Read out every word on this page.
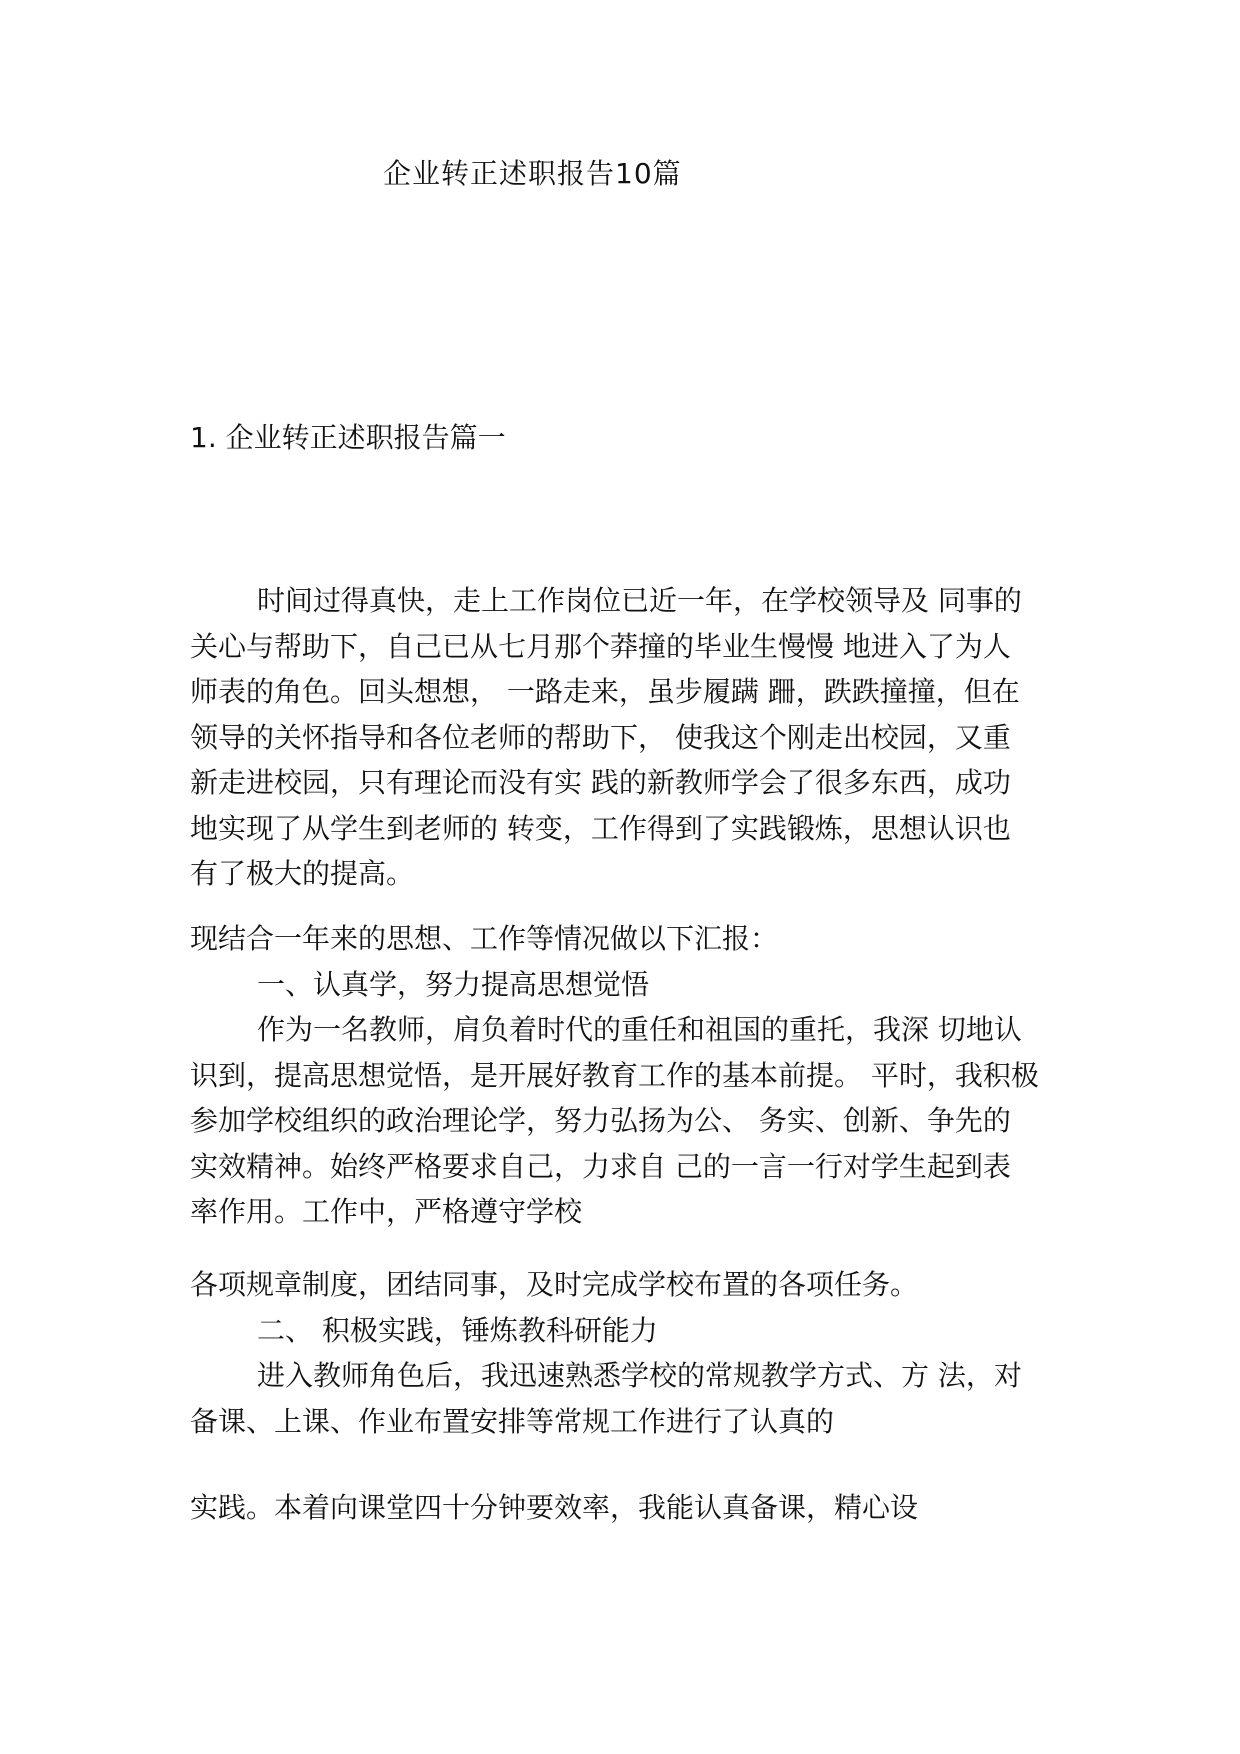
企业转正述职报告10篇
1. 企业转正述职报告篇一
时间过得真快，走上工作岗位已近一年，在学校领导及 同事的
关心与帮助下，自己已从七月那个莽撞的毕业生慢慢 地进入了为人
师表的角色。回头想想， 一路走来，虽步履蹒 跚，跌跌撞撞，但在
领导的关怀指导和各位老师的帮助下， 使我这个刚走出校园，又重
新走进校园，只有理论而没有实 践的新教师学会了很多东西，成功
地实现了从学生到老师的 转变，工作得到了实践锻炼，思想认识也
有了极大的提高。
现结合一年来的思想、工作等情况做以下汇报：
一、认真学，努力提高思想觉悟
作为一名教师，肩负着时代的重任和祖国的重托，我深 切地认
识到，提高思想觉悟，是开展好教育工作的基本前提。 平时，我积极
参加学校组织的政治理论学，努力弘扬为公、 务实、创新、争先的
实效精神。始终严格要求自己，力求自 己的一言一行对学生起到表
率作用。工作中，严格遵守学校
各项规章制度，团结同事，及时完成学校布置的各项任务。
二、 积极实践，锤炼教科研能力
进入教师角色后，我迅速熟悉学校的常规教学方式、方 法，对
备课、上课、作业布置安排等常规工作进行了认真的
实践。本着向课堂四十分钟要效率，我能认真备课，精心设
